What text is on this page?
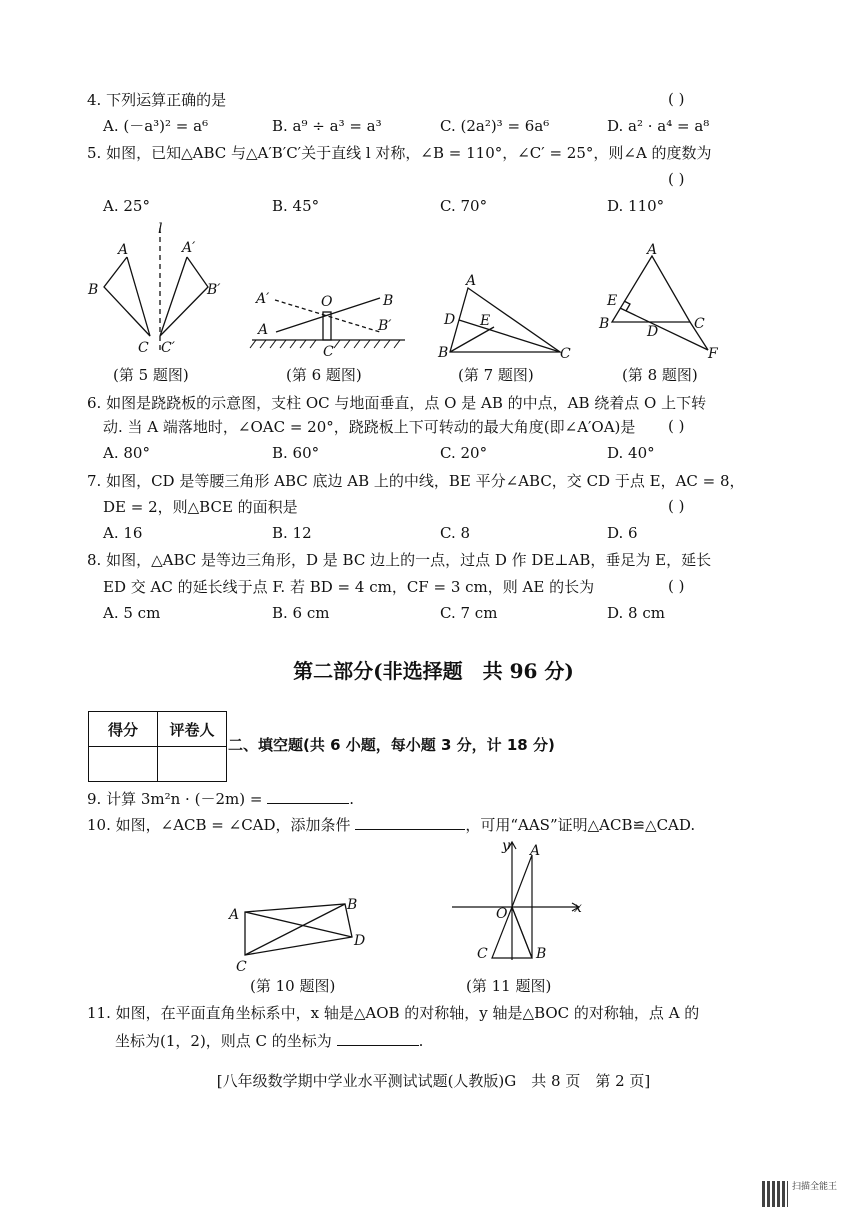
4. 下列运算正确的是	( )
A. (－a³)² = a⁶	B. a⁹ ÷ a³ = a³	C. (2a²)³ = 6a⁶	D. a² · a⁴ = a⁸
5. 如图，已知△ABC 与△A′B′C′关于直线 l 对称，∠B = 110°，∠C′ = 25°，则∠A 的度数为
( )
A. 25°	B. 45°	C. 70°	D. 110°
A
B
C
A′
B′
C′
l
(第 5 题图)
A′	O	B
A	B′
C
(第 6 题图)
A
D E
B	C
(第 7 题图)
A
E
B	D	C
F
(第 8 题图)
6. 如图是跷跷板的示意图，支柱 OC 与地面垂直，点 O 是 AB 的中点，AB 绕着点 O 上下转
动. 当 A 端落地时，∠OAC = 20°，跷跷板上下可转动的最大角度(即∠A′OA)是 ( )
A. 80°	B. 60°	C. 20°	D. 40°
7. 如图，CD 是等腰三角形 ABC 底边 AB 上的中线，BE 平分∠ABC，交 CD 于点 E，AC = 8，
DE = 2，则△BCE 的面积是	( )
A. 16	B. 12	C. 8	D. 6
8. 如图，△ABC 是等边三角形，D 是 BC 边上的一点，过点 D 作 DE⊥AB，垂足为 E，延长
ED 交 AC 的延长线于点 F. 若 BD = 4 cm，CF = 3 cm，则 AE 的长为	( )
A. 5 cm	B. 6 cm	C. 7 cm	D. 8 cm
第二部分(非选择题　共 96 分)
得分	评卷人

二、填空题(共 6 小题，每小题 3 分，计 18 分)
9. 计算 3m²n · (－2m) =	.
10. 如图，∠ACB = ∠CAD，添加条件	，可用“AAS”证明△ACB≌△CAD.
A
B
D
C
(第 10 题图)
y
x
O
A
B
C
(第 11 题图)
11. 如图，在平面直角坐标系中，x 轴是△AOB 的对称轴，y 轴是△BOC 的对称轴，点 A 的
坐标为(1，2)，则点 C 的坐标为	.
[八年级数学期中学业水平测试试题(人教版)G　共 8 页　第 2 页]
扫描全能王
